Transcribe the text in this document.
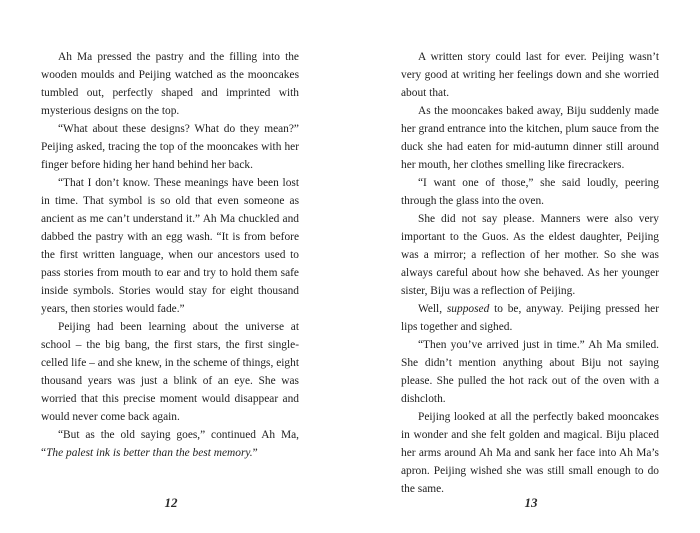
Ah Ma pressed the pastry and the filling into the wooden moulds and Peijing watched as the mooncakes tumbled out, perfectly shaped and imprinted with mysterious designs on the top.

“What about these designs? What do they mean?” Peijing asked, tracing the top of the mooncakes with her finger before hiding her hand behind her back.

“That I don’t know. These meanings have been lost in time. That symbol is so old that even someone as ancient as me can’t understand it.” Ah Ma chuckled and dabbed the pastry with an egg wash. “It is from before the first written language, when our ancestors used to pass stories from mouth to ear and try to hold them safe inside symbols. Stories would stay for eight thousand years, then stories would fade.”

Peijing had been learning about the universe at school – the big bang, the first stars, the first single-celled life – and she knew, in the scheme of things, eight thousand years was just a blink of an eye. She was worried that this precise moment would disappear and would never come back again.

“But as the old saying goes,” continued Ah Ma, “The palest ink is better than the best memory.”

A written story could last for ever. Peijing wasn’t very good at writing her feelings down and she worried about that.

As the mooncakes baked away, Biju suddenly made her grand entrance into the kitchen, plum sauce from the duck she had eaten for mid-autumn dinner still around her mouth, her clothes smelling like firecrackers.

“I want one of those,” she said loudly, peering through the glass into the oven.

She did not say please. Manners were also very important to the Guos. As the eldest daughter, Peijing was a mirror; a reflection of her mother. So she was always careful about how she behaved. As her younger sister, Biju was a reflection of Peijing.

Well, supposed to be, anyway. Peijing pressed her lips together and sighed.

“Then you’ve arrived just in time.” Ah Ma smiled. She didn’t mention anything about Biju not saying please. She pulled the hot rack out of the oven with a dishcloth.

Peijing looked at all the perfectly baked mooncakes in wonder and she felt golden and magical. Biju placed her arms around Ah Ma and sank her face into Ah Ma’s apron. Peijing wished she was still small enough to do the same.

12	13
